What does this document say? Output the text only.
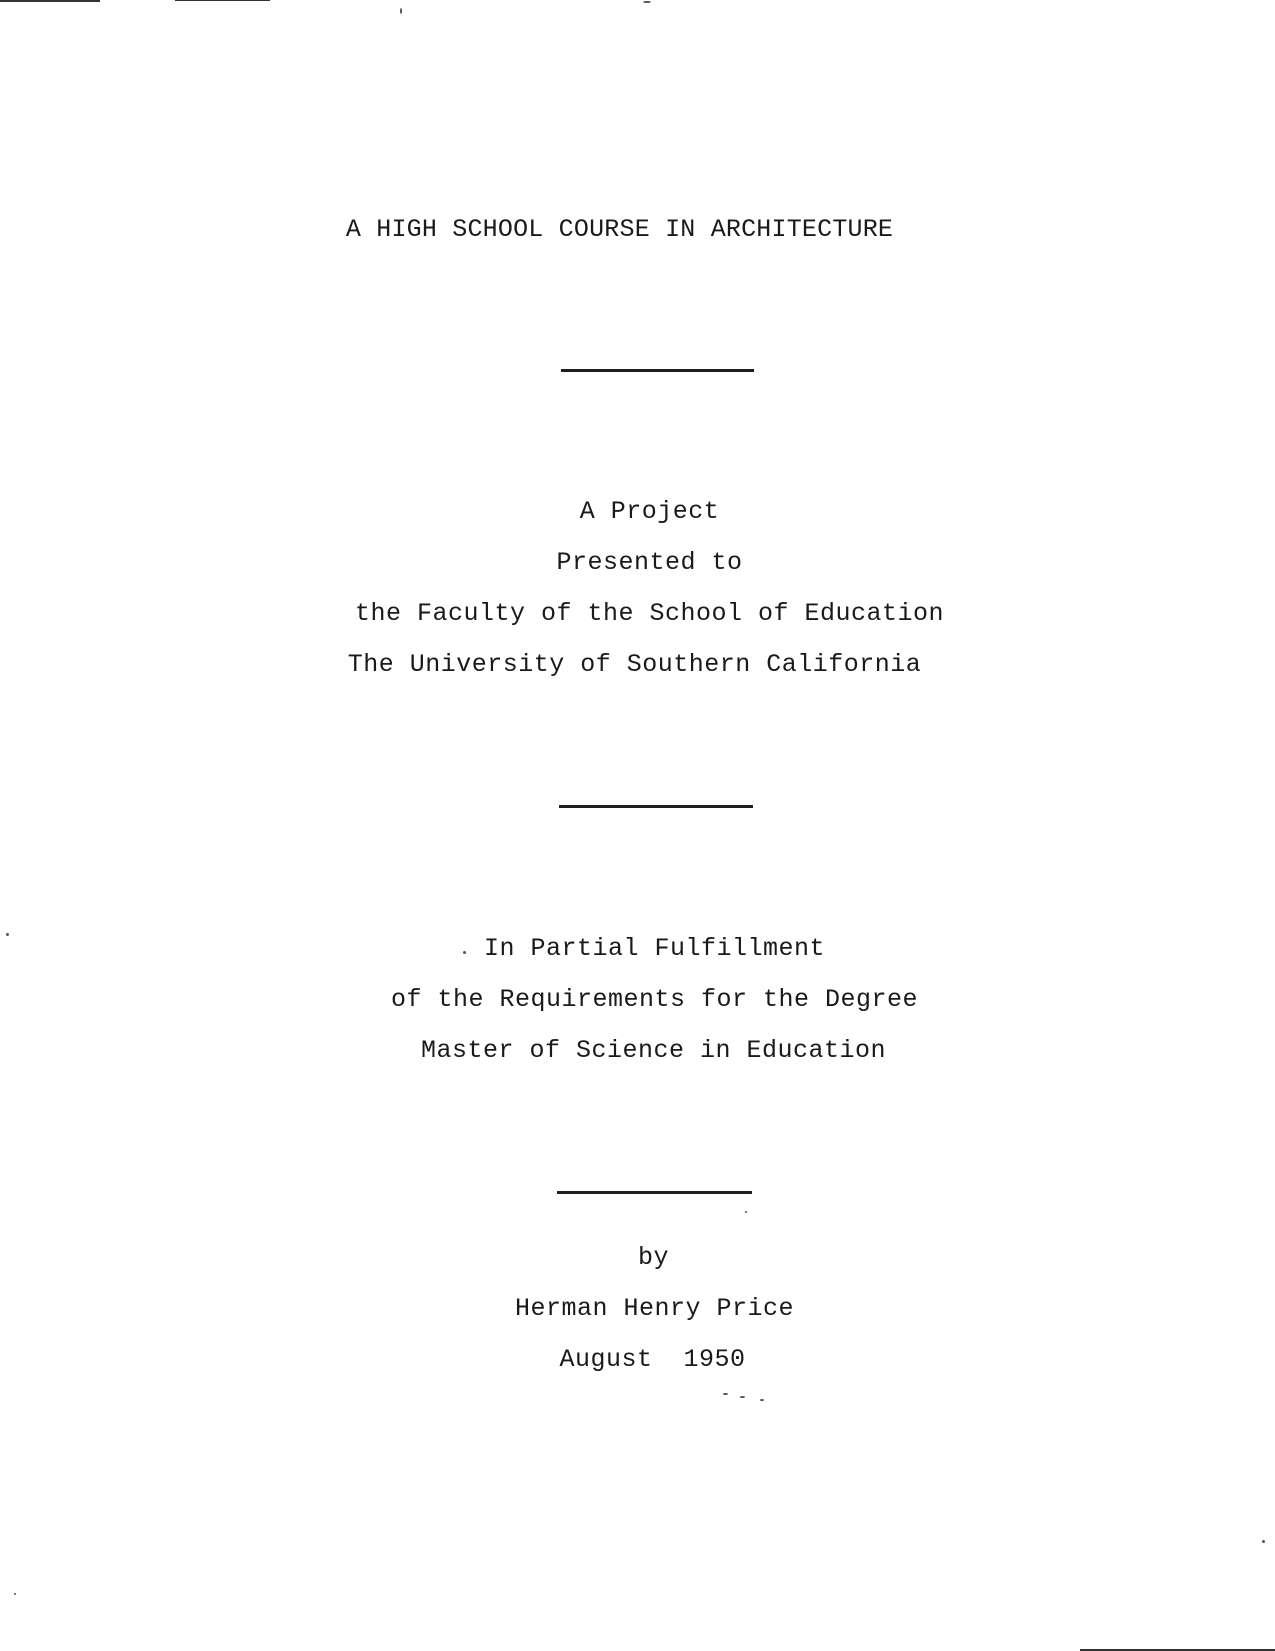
A HIGH SCHOOL COURSE IN ARCHITECTURE
A Project
Presented to
the Faculty of the School of Education
The University of Southern California
In Partial Fulfillment
of the Requirements for the Degree
Master of Science in Education
by
Herman Henry Price
August  1950
